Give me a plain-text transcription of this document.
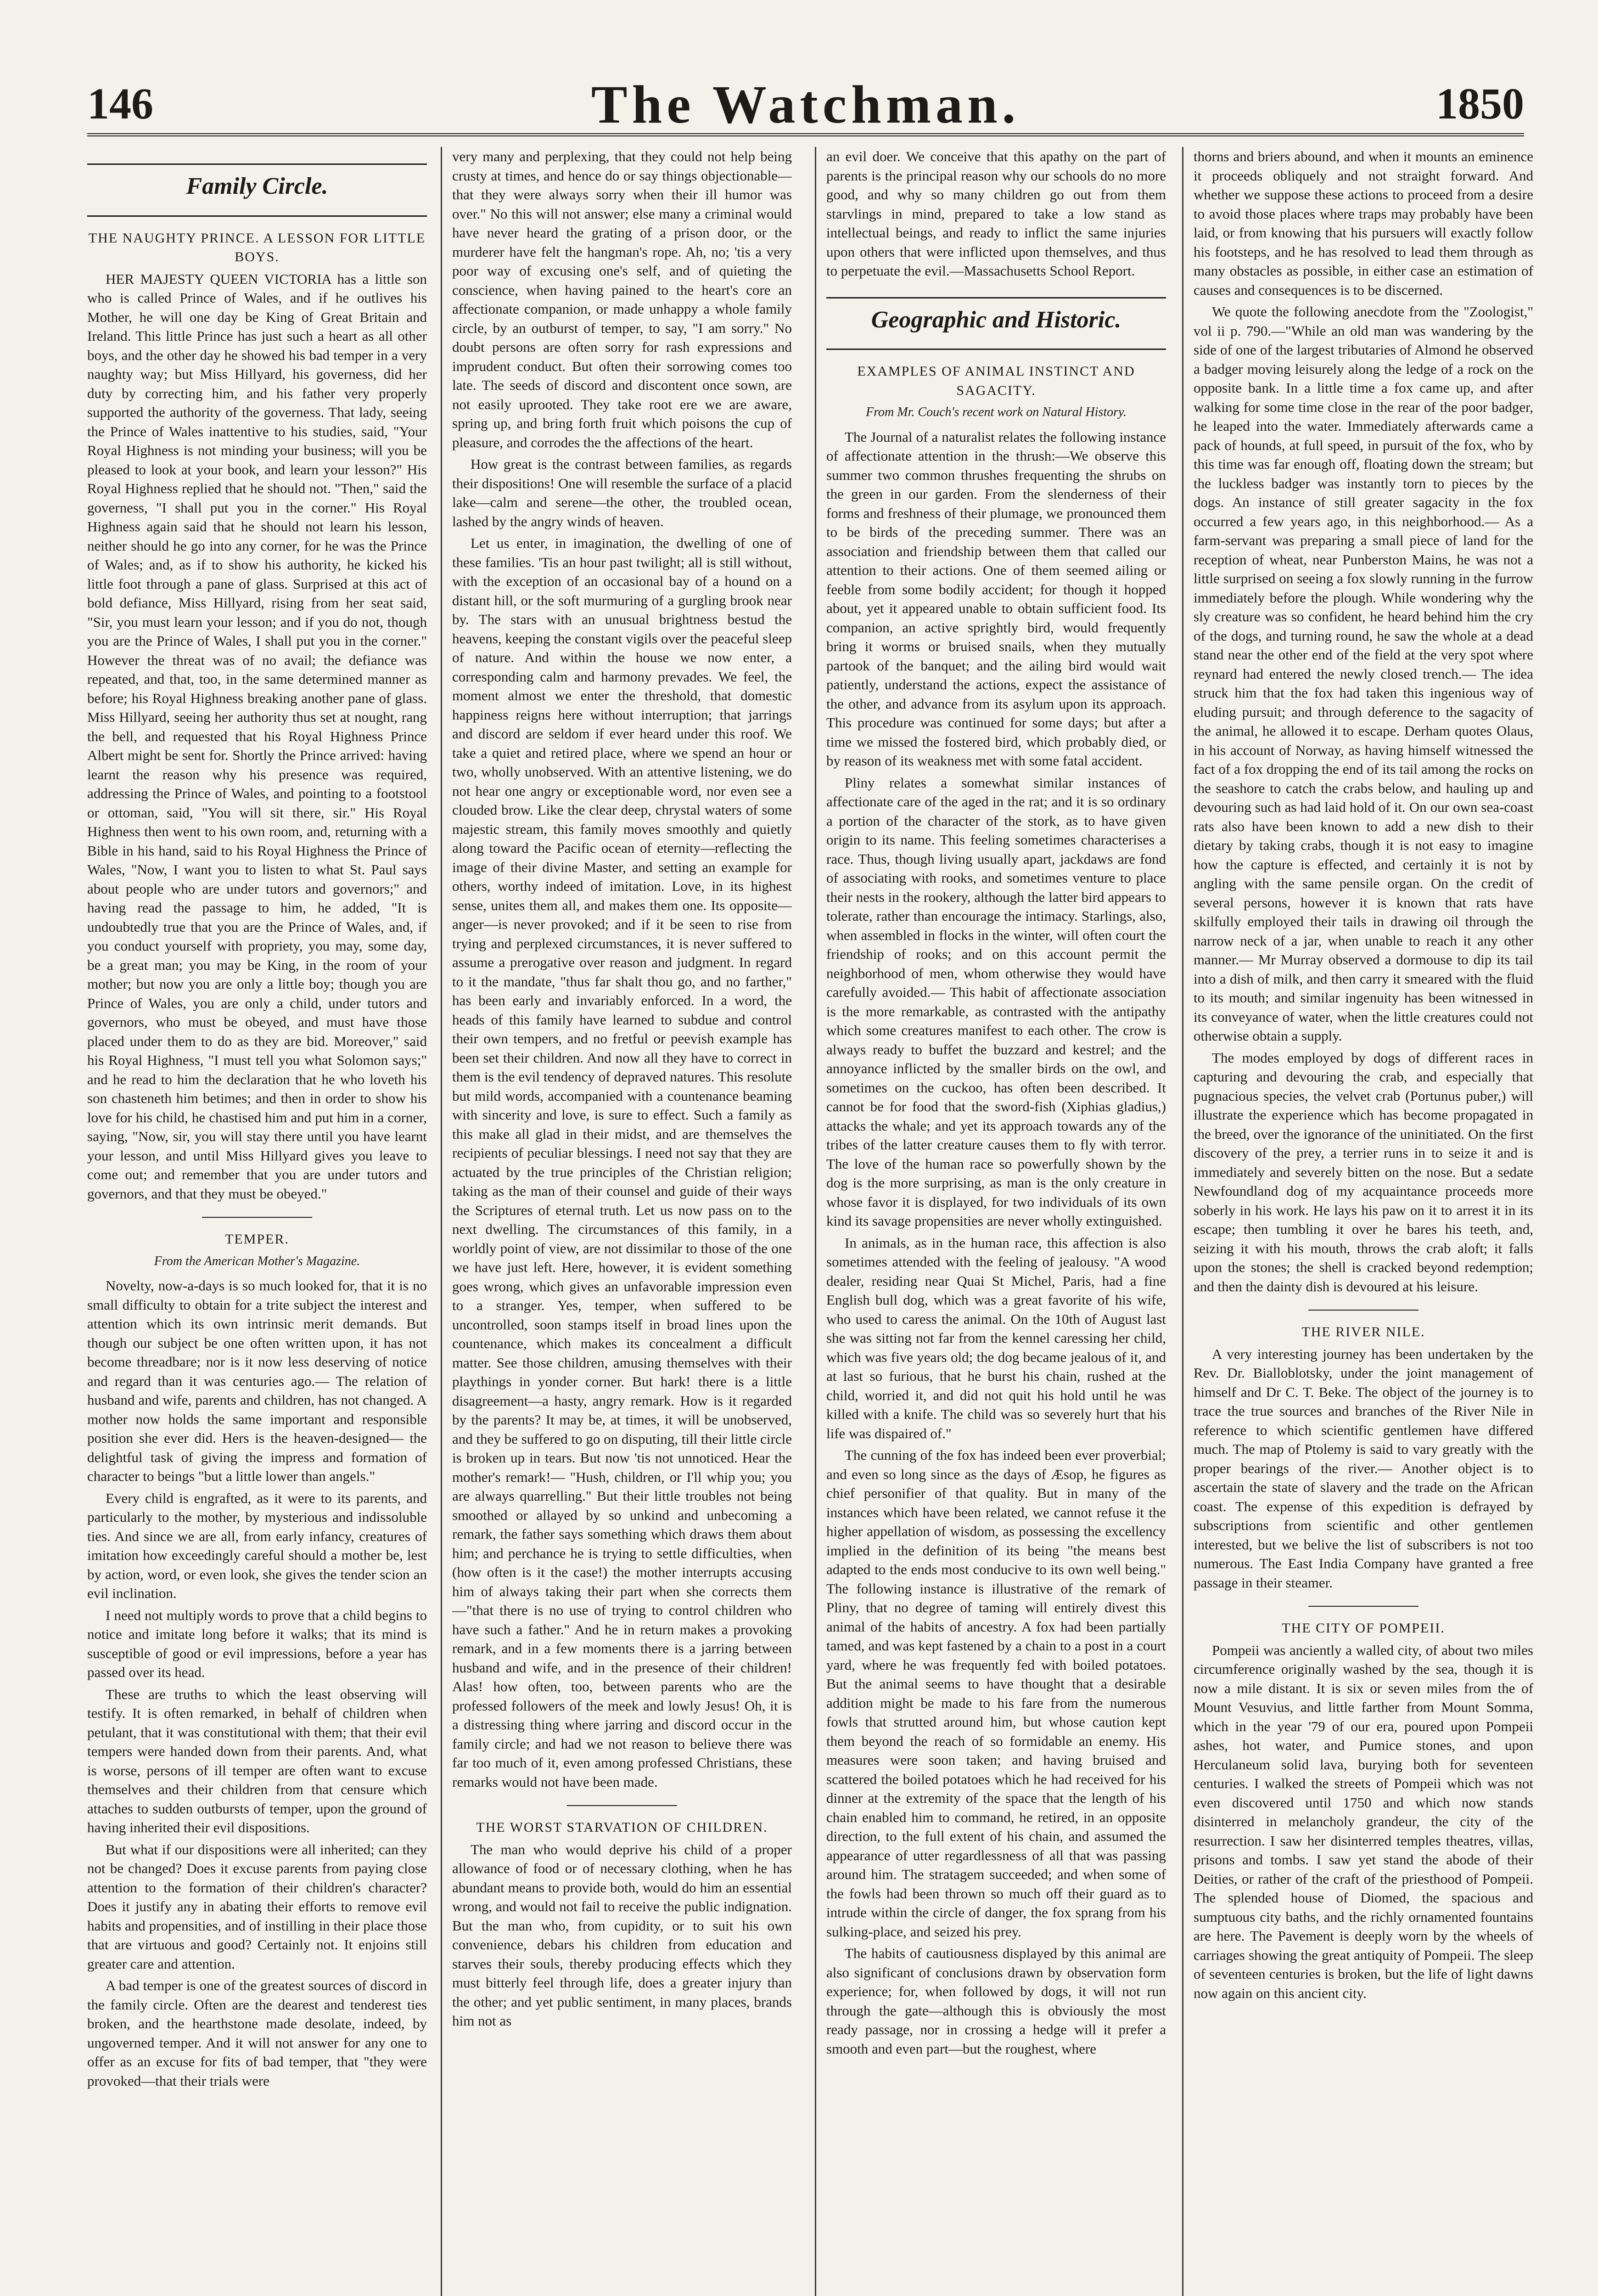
146	The Watchman.	1850
Family Circle.
THE NAUGHTY PRINCE. A LESSON FOR LITTLE BOYS.

HER MAJESTY QUEEN VICTORIA has a little son who is called Prince of Wales, and if he outlives his Mother, he will one day be King of Great Britain and Ireland. This little Prince has just such a heart as all other boys, and the other day he showed his bad temper in a very naughty way; but Miss Hillyard, his governess, did her duty by correcting him, and his father very properly supported the authority of the governess. That lady, seeing the Prince of Wales inattentive to his studies, said, "Your Royal Highness is not minding your business; will you be pleased to look at your book, and learn your lesson?" His Royal Highness replied that he should not. "Then," said the governess, "I shall put you in the corner." His Royal Highness again said that he should not learn his lesson, neither should he go into any corner, for he was the Prince of Wales; and, as if to show his authority, he kicked his little foot through a pane of glass. Surprised at this act of bold defiance, Miss Hillyard, rising from her seat said, "Sir, you must learn your lesson; and if you do not, though you are the Prince of Wales, I shall put you in the corner." However the threat was of no avail; the defiance was repeated, and that, too, in the same determined manner as before; his Royal Highness breaking another pane of glass. Miss Hillyard, seeing her authority thus set at nought, rang the bell, and requested that his Royal Highness Prince Albert might be sent for. Shortly the Prince arrived: having learnt the reason why his presence was required, addressing the Prince of Wales, and pointing to a footstool or ottoman, said, "You will sit there, sir." His Royal Highness then went to his own room, and, returning with a Bible in his hand, said to his Royal Highness the Prince of Wales, "Now, I want you to listen to what St. Paul says about people who are under tutors and governors;" and having read the passage to him, he added, "It is undoubtedly true that you are the Prince of Wales, and, if you conduct yourself with propriety, you may, some day, be a great man; you may be King, in the room of your mother; but now you are only a little boy; though you are Prince of Wales, you are only a child, under tutors and governors, who must be obeyed, and must have those placed under them to do as they are bid. Moreover," said his Royal Highness, "I must tell you what Solomon says;" and he read to him the declaration that he who loveth his son chasteneth him betimes; and then in order to show his love for his child, he chastised him and put him in a corner, saying, "Now, sir, you will stay there until you have learnt your lesson, and until Miss Hillyard gives you leave to come out; and remember that you are under tutors and governors, and that they must be obeyed."

TEMPER.
From the American Mother's Magazine.

Novelty, now-a-days is so much looked for, that it is no small difficulty to obtain for a trite subject the interest and attention which its own intrinsic merit demands. But though our subject be one often written upon, it has not become threadbare; nor is it now less deserving of notice and regard than it was centuries ago.— The relation of husband and wife, parents and children, has not changed. A mother now holds the same important and responsible position she ever did. Hers is the heaven-designed— the delightful task of giving the impress and formation of character to beings "but a little lower than angels."

Every child is engrafted, as it were to its parents, and particularly to the mother, by mysterious and indissoluble ties. And since we are all, from early infancy, creatures of imitation how exceedingly careful should a mother be, lest by action, word, or even look, she gives the tender scion an evil inclination.

I need not multiply words to prove that a child begins to notice and imitate long before it walks; that its mind is susceptible of good or evil impressions, before a year has passed over its head.

These are truths to which the least observing will testify. It is often remarked, in behalf of children when petulant, that it was constitutional with them; that their evil tempers were handed down from their parents. And, what is worse, persons of ill temper are often want to excuse themselves and their children from that censure which attaches to sudden outbursts of temper, upon the ground of having inherited their evil dispositions.

But what if our dispositions were all inherited; can they not be changed? Does it excuse parents from paying close attention to the formation of their children's character? Does it justify any in abating their efforts to remove evil habits and propensities, and of instilling in their place those that are virtuous and good? Certainly not. It enjoins still greater care and attention.

A bad temper is one of the greatest sources of discord in the family circle. Often are the dearest and tenderest ties broken, and the hearthstone made desolate, indeed, by ungoverned temper. And it will not answer for any one to offer as an excuse for fits of bad temper, that "they were provoked—that their trials were

very many and perplexing, that they could not help being crusty at times, and hence do or say things objectionable—that they were always sorry when their ill humor was over." No this will not answer; else many a criminal would have never heard the grating of a prison door, or the murderer have felt the hangman's rope. Ah, no; 'tis a very poor way of excusing one's self, and of quieting the conscience, when having pained to the heart's core an affectionate companion, or made unhappy a whole family circle, by an outburst of temper, to say, "I am sorry." No doubt persons are often sorry for rash expressions and imprudent conduct. But often their sorrowing comes too late. The seeds of discord and discontent once sown, are not easily uprooted. They take root ere we are aware, spring up, and bring forth fruit which poisons the cup of pleasure, and corrodes the the affections of the heart.

How great is the contrast between families, as regards their dispositions! One will resemble the surface of a placid lake—calm and serene—the other, the troubled ocean, lashed by the angry winds of heaven.

Let us enter, in imagination, the dwelling of one of these families. 'Tis an hour past twilight; all is still without, with the exception of an occasional bay of a hound on a distant hill, or the soft murmuring of a gurgling brook near by. The stars with an unusual brightness bestud the heavens, keeping the constant vigils over the peaceful sleep of nature. And within the house we now enter, a corresponding calm and harmony prevades. We feel, the moment almost we enter the threshold, that domestic happiness reigns here without interruption; that jarrings and discord are seldom if ever heard under this roof. We take a quiet and retired place, where we spend an hour or two, wholly unobserved. With an attentive listening, we do not hear one angry or exceptionable word, nor even see a clouded brow. Like the clear deep, chrystal waters of some majestic stream, this family moves smoothly and quietly along toward the Pacific ocean of eternity—reflecting the image of their divine Master, and setting an example for others, worthy indeed of imitation. Love, in its highest sense, unites them all, and makes them one. Its opposite—anger—is never provoked; and if it be seen to rise from trying and perplexed circumstances, it is never suffered to assume a prerogative over reason and judgment. In regard to it the mandate, "thus far shalt thou go, and no farther," has been early and invariably enforced. In a word, the heads of this family have learned to subdue and control their own tempers, and no fretful or peevish example has been set their children. And now all they have to correct in them is the evil tendency of depraved natures. This resolute but mild words, accompanied with a countenance beaming with sincerity and love, is sure to effect. Such a family as this make all glad in their midst, and are themselves the recipients of peculiar blessings. I need not say that they are actuated by the true principles of the Christian religion; taking as the man of their counsel and guide of their ways the Scriptures of eternal truth. Let us now pass on to the next dwelling. The circumstances of this family, in a worldly point of view, are not dissimilar to those of the one we have just left. Here, however, it is evident something goes wrong, which gives an unfavorable impression even to a stranger. Yes, temper, when suffered to be uncontrolled, soon stamps itself in broad lines upon the countenance, which makes its concealment a difficult matter. See those children, amusing themselves with their playthings in yonder corner. But hark! there is a little disagreement—a hasty, angry remark. How is it regarded by the parents? It may be, at times, it will be unobserved, and they be suffered to go on disputing, till their little circle is broken up in tears. But now 'tis not unnoticed. Hear the mother's remark!— "Hush, children, or I'll whip you; you are always quarrelling." But their little troubles not being smoothed or allayed by so unkind and unbecoming a remark, the father says something which draws them about him; and perchance he is trying to settle difficulties, when (how often is it the case!) the mother interrupts accusing him of always taking their part when she corrects them—"that there is no use of trying to control children who have such a father." And he in return makes a provoking remark, and in a few moments there is a jarring between husband and wife, and in the presence of their children! Alas! how often, too, between parents who are the professed followers of the meek and lowly Jesus! Oh, it is a distressing thing where jarring and discord occur in the family circle; and had we not reason to believe there was far too much of it, even among professed Christians, these remarks would not have been made.

THE WORST STARVATION OF CHILDREN.

The man who would deprive his child of a proper allowance of food or of necessary clothing, when he has abundant means to provide both, would do him an essential wrong, and would not fail to receive the public indignation. But the man who, from cupidity, or to suit his own convenience, debars his children from education and starves their souls, thereby producing effects which they must bitterly feel through life, does a greater injury than the other; and yet public sentiment, in many places, brands him not as

an evil doer. We conceive that this apathy on the part of parents is the principal reason why our schools do no more good, and why so many children go out from them starvlings in mind, prepared to take a low stand as intellectual beings, and ready to inflict the same injuries upon others that were inflicted upon themselves, and thus to perpetuate the evil.—Massachusetts School Report.

Geographic and Historic.
EXAMPLES OF ANIMAL INSTINCT AND SAGACITY.
From Mr. Couch's recent work on Natural History.

The Journal of a naturalist relates the following instance of affectionate attention in the thrush:—We observe this summer two common thrushes frequenting the shrubs on the green in our garden. From the slenderness of their forms and freshness of their plumage, we pronounced them to be birds of the preceding summer. There was an association and friendship between them that called our attention to their actions. One of them seemed ailing or feeble from some bodily accident; for though it hopped about, yet it appeared unable to obtain sufficient food. Its companion, an active sprightly bird, would frequently bring it worms or bruised snails, when they mutually partook of the banquet; and the ailing bird would wait patiently, understand the actions, expect the assistance of the other, and advance from its asylum upon its approach. This procedure was continued for some days; but after a time we missed the fostered bird, which probably died, or by reason of its weakness met with some fatal accident.

Pliny relates a somewhat similar instances of affectionate care of the aged in the rat; and it is so ordinary a portion of the character of the stork, as to have given origin to its name. This feeling sometimes characterises a race. Thus, though living usually apart, jackdaws are fond of associating with rooks, and sometimes venture to place their nests in the rookery, although the latter bird appears to tolerate, rather than encourage the intimacy. Starlings, also, when assembled in flocks in the winter, will often court the friendship of rooks; and on this account permit the neighborhood of men, whom otherwise they would have carefully avoided.— This habit of affectionate association is the more remarkable, as contrasted with the antipathy which some creatures manifest to each other. The crow is always ready to buffet the buzzard and kestrel; and the annoyance inflicted by the smaller birds on the owl, and sometimes on the cuckoo, has often been described. It cannot be for food that the sword-fish (Xiphias gladius,) attacks the whale; and yet its approach towards any of the tribes of the latter creature causes them to fly with terror. The love of the human race so powerfully shown by the dog is the more surprising, as man is the only creature in whose favor it is displayed, for two individuals of its own kind its savage propensities are never wholly extinguished.

In animals, as in the human race, this affection is also sometimes attended with the feeling of jealousy. "A wood dealer, residing near Quai St Michel, Paris, had a fine English bull dog, which was a great favorite of his wife, who used to caress the animal. On the 10th of August last she was sitting not far from the kennel caressing her child, which was five years old; the dog became jealous of it, and at last so furious, that he burst his chain, rushed at the child, worried it, and did not quit his hold until he was killed with a knife. The child was so severely hurt that his life was dispaired of."

The cunning of the fox has indeed been ever proverbial; and even so long since as the days of Æsop, he figures as chief personifier of that quality. But in many of the instances which have been related, we cannot refuse it the higher appellation of wisdom, as possessing the excellency implied in the definition of its being "the means best adapted to the ends most conducive to its own well being." The following instance is illustrative of the remark of Pliny, that no degree of taming will entirely divest this animal of the habits of ancestry. A fox had been partially tamed, and was kept fastened by a chain to a post in a court yard, where he was frequently fed with boiled potatoes. But the animal seems to have thought that a desirable addition might be made to his fare from the numerous fowls that strutted around him, but whose caution kept them beyond the reach of so formidable an enemy. His measures were soon taken; and having bruised and scattered the boiled potatoes which he had received for his dinner at the extremity of the space that the length of his chain enabled him to command, he retired, in an opposite direction, to the full extent of his chain, and assumed the appearance of utter regardlessness of all that was passing around him. The stratagem succeeded; and when some of the fowls had been thrown so much off their guard as to intrude within the circle of danger, the fox sprang from his sulking-place, and seized his prey.

The habits of cautiousness displayed by this animal are also significant of conclusions drawn by observation form experience; for, when followed by dogs, it will not run through the gate—although this is obviously the most ready passage, nor in crossing a hedge will it prefer a smooth and even part—but the roughest, where

thorns and briers abound, and when it mounts an eminence it proceeds obliquely and not straight forward. And whether we suppose these actions to proceed from a desire to avoid those places where traps may probably have been laid, or from knowing that his pursuers will exactly follow his footsteps, and he has resolved to lead them through as many obstacles as possible, in either case an estimation of causes and consequences is to be discerned.

We quote the following anecdote from the "Zoologist," vol ii p. 790.—"While an old man was wandering by the side of one of the largest tributaries of Almond he observed a badger moving leisurely along the ledge of a rock on the opposite bank. In a little time a fox came up, and after walking for some time close in the rear of the poor badger, he leaped into the water. Immediately afterwards came a pack of hounds, at full speed, in pursuit of the fox, who by this time was far enough off, floating down the stream; but the luckless badger was instantly torn to pieces by the dogs. An instance of still greater sagacity in the fox occurred a few years ago, in this neighborhood.— As a farm-servant was preparing a small piece of land for the reception of wheat, near Punberston Mains, he was not a little surprised on seeing a fox slowly running in the furrow immediately before the plough. While wondering why the sly creature was so confident, he heard behind him the cry of the dogs, and turning round, he saw the whole at a dead stand near the other end of the field at the very spot where reynard had entered the newly closed trench.— The idea struck him that the fox had taken this ingenious way of eluding pursuit; and through deference to the sagacity of the animal, he allowed it to escape. Derham quotes Olaus, in his account of Norway, as having himself witnessed the fact of a fox dropping the end of its tail among the rocks on the seashore to catch the crabs below, and hauling up and devouring such as had laid hold of it. On our own sea-coast rats also have been known to add a new dish to their dietary by taking crabs, though it is not easy to imagine how the capture is effected, and certainly it is not by angling with the same pensile organ. On the credit of several persons, however it is known that rats have skilfully employed their tails in drawing oil through the narrow neck of a jar, when unable to reach it any other manner.— Mr Murray observed a dormouse to dip its tail into a dish of milk, and then carry it smeared with the fluid to its mouth; and similar ingenuity has been witnessed in its conveyance of water, when the little creatures could not otherwise obtain a supply.

The modes employed by dogs of different races in capturing and devouring the crab, and especially that pugnacious species, the velvet crab (Portunus puber,) will illustrate the experience which has become propagated in the breed, over the ignorance of the uninitiated. On the first discovery of the prey, a terrier runs in to seize it and is immediately and severely bitten on the nose. But a sedate Newfoundland dog of my acquaintance proceeds more soberly in his work. He lays his paw on it to arrest it in its escape; then tumbling it over he bares his teeth, and, seizing it with his mouth, throws the crab aloft; it falls upon the stones; the shell is cracked beyond redemption; and then the dainty dish is devoured at his leisure.

THE RIVER NILE.

A very interesting journey has been undertaken by the Rev. Dr. Bialloblotsky, under the joint management of himself and Dr C. T. Beke. The object of the journey is to trace the true sources and branches of the River Nile in reference to which scientific gentlemen have differed much. The map of Ptolemy is said to vary greatly with the proper bearings of the river.— Another object is to ascertain the state of slavery and the trade on the African coast. The expense of this expedition is defrayed by subscriptions from scientific and other gentlemen interested, but we belive the list of subscribers is not too numerous. The East India Company have granted a free passage in their steamer.

THE CITY OF POMPEII.

Pompeii was anciently a walled city, of about two miles circumference originally washed by the sea, though it is now a mile distant. It is six or seven miles from the of Mount Vesuvius, and little farther from Mount Somma, which in the year '79 of our era, poured upon Pompeii ashes, hot water, and Pumice stones, and upon Herculaneum solid lava, burying both for seventeen centuries. I walked the streets of Pompeii which was not even discovered until 1750 and which now stands disinterred in melancholy grandeur, the city of the resurrection. I saw her disinterred temples theatres, villas, prisons and tombs. I saw yet stand the abode of their Deities, or rather of the craft of the priesthood of Pompeii. The splended house of Diomed, the spacious and sumptuous city baths, and the richly ornamented fountains are here. The Pavement is deeply worn by the wheels of carriages showing the great antiquity of Pompeii. The sleep of seventeen centuries is broken, but the life of light dawns now again on this ancient city.
